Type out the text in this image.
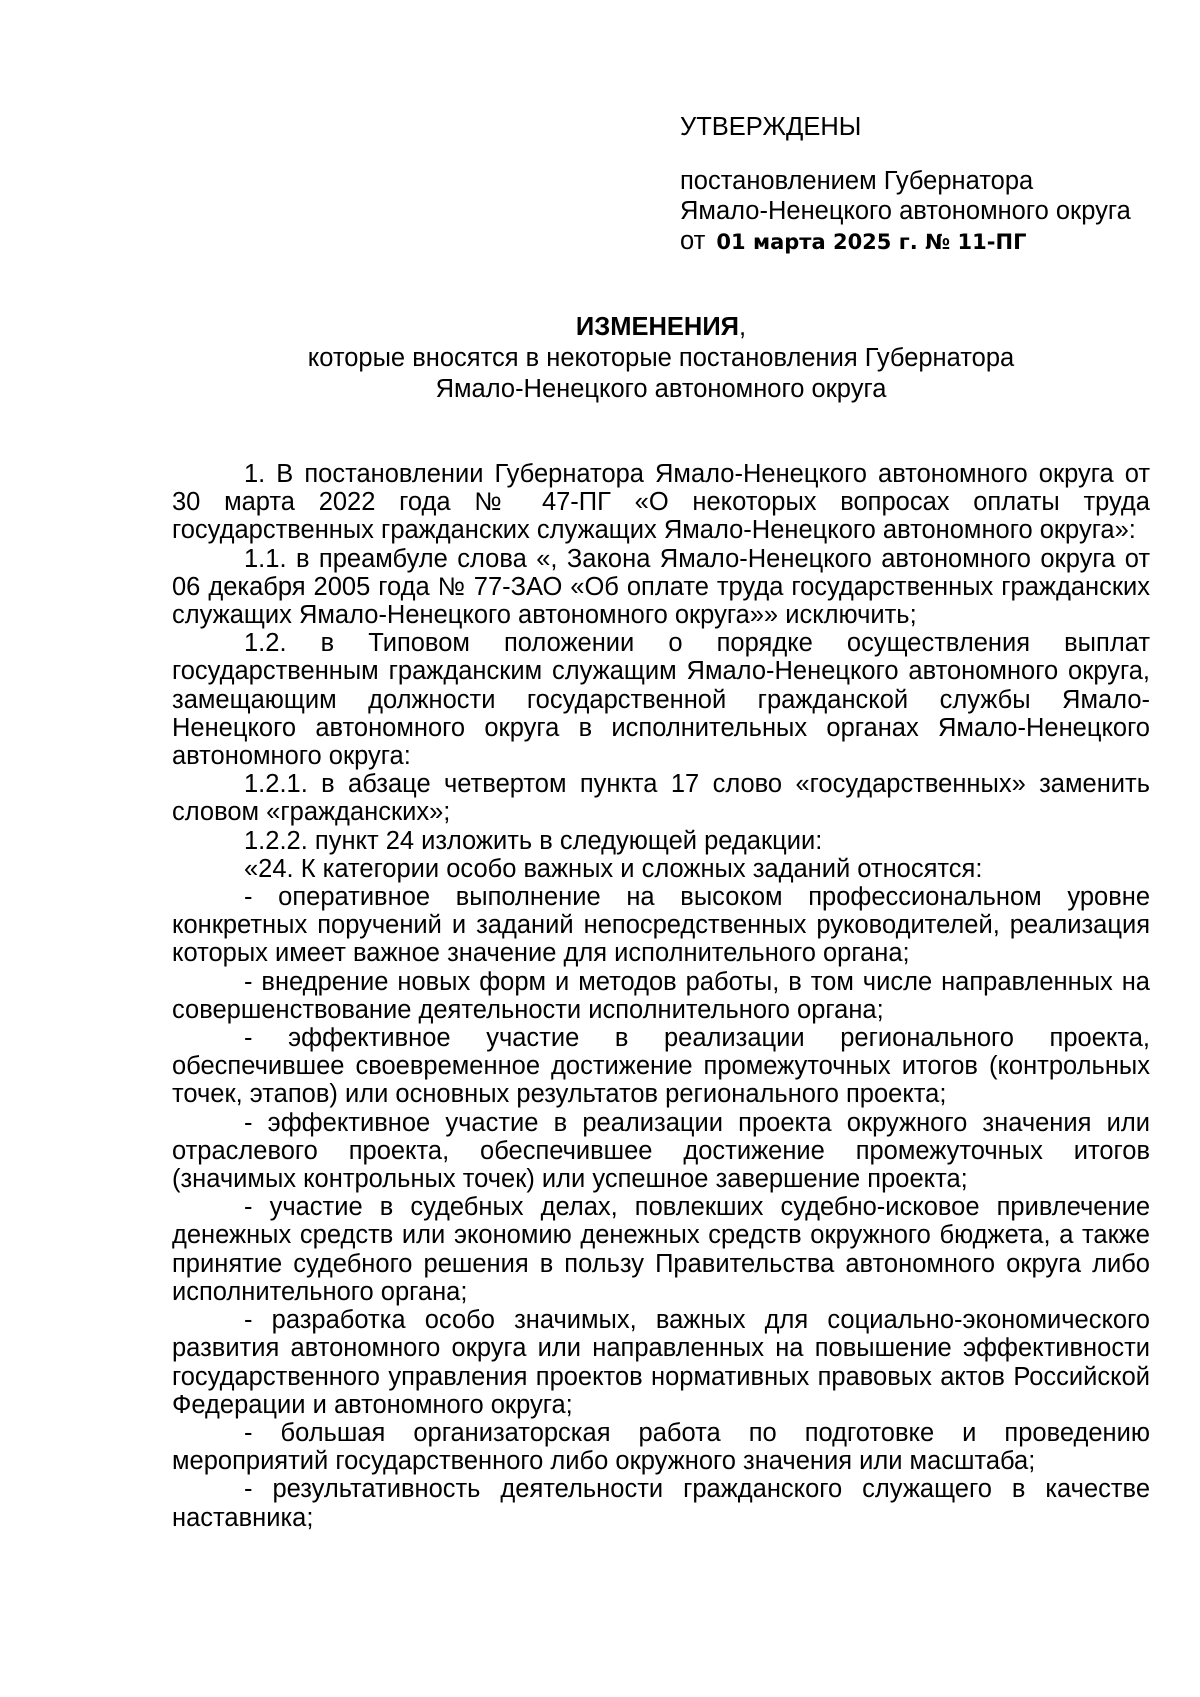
УТВЕРЖДЕНЫ

постановлением Губернатора

Ямало-Ненецкого автономного округа

от 01 марта 2025 г. № 11-ПГ

ИЗМЕНЕНИЯ,
которые вносятся в некоторые постановления Губернатора
Ямало-Ненецкого автономного округа

1. В постановлении Губернатора Ямало-Ненецкого автономного округа от 30 марта 2022 года № 47-ПГ «О некоторых вопросах оплаты труда государственных гражданских служащих Ямало-Ненецкого автономного округа»:

1.1. в преамбуле слова «, Закона Ямало-Ненецкого автономного округа от 06 декабря 2005 года № 77-ЗАО «Об оплате труда государственных гражданских служащих Ямало-Ненецкого автономного округа»» исключить;

1.2. в Типовом положении о порядке осуществления выплат государственным гражданским служащим Ямало-Ненецкого автономного округа, замещающим должности государственной гражданской службы Ямало-Ненецкого автономного округа в исполнительных органах Ямало-Ненецкого автономного округа:

1.2.1. в абзаце четвертом пункта 17 слово «государственных» заменить словом «гражданских»;

1.2.2. пункт 24 изложить в следующей редакции:

«24. К категории особо важных и сложных заданий относятся:

- оперативное выполнение на высоком профессиональном уровне конкретных поручений и заданий непосредственных руководителей, реализация которых имеет важное значение для исполнительного органа;

- внедрение новых форм и методов работы, в том числе направленных на совершенствование деятельности исполнительного органа;

- эффективное участие в реализации регионального проекта, обеспечившее своевременное достижение промежуточных итогов (контрольных точек, этапов) или основных результатов регионального проекта;

- эффективное участие в реализации проекта окружного значения или отраслевого проекта, обеспечившее достижение промежуточных итогов (значимых контрольных точек) или успешное завершение проекта;

- участие в судебных делах, повлекших судебно-исковое привлечение денежных средств или экономию денежных средств окружного бюджета, а также принятие судебного решения в пользу Правительства автономного округа либо исполнительного органа;

- разработка особо значимых, важных для социально-экономического развития автономного округа или направленных на повышение эффективности государственного управления проектов нормативных правовых актов Российской Федерации и автономного округа;

- большая организаторская работа по подготовке и проведению мероприятий государственного либо окружного значения или масштаба;

- результативность деятельности гражданского служащего в качестве наставника;
